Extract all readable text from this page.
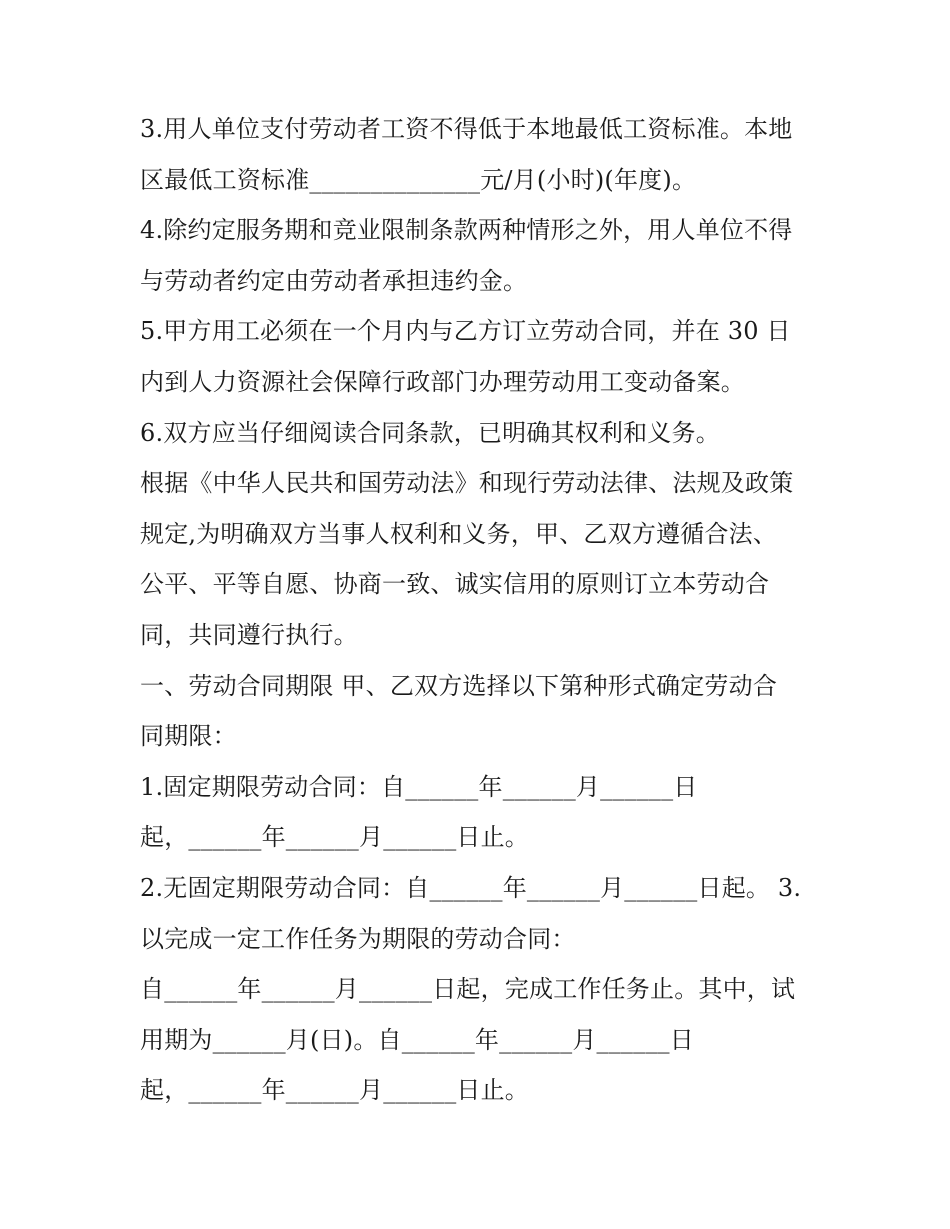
3.用人单位支付劳动者工资不得低于本地最低工资标准。本地
区最低工资标准______________元/月(小时)(年度)。
4.除约定服务期和竞业限制条款两种情形之外，用人单位不得
与劳动者约定由劳动者承担违约金。
5.甲方用工必须在一个月内与乙方订立劳动合同，并在 30 日
内到人力资源社会保障行政部门办理劳动用工变动备案。
6.双方应当仔细阅读合同条款，已明确其权利和义务。
根据《中华人民共和国劳动法》和现行劳动法律、法规及政策
规定,为明确双方当事人权利和义务，甲、乙双方遵循合法、
公平、平等自愿、协商一致、诚实信用的原则订立本劳动合
同，共同遵行执行。
一、劳动合同期限 甲、乙双方选择以下第种形式确定劳动合
同期限：
1.固定期限劳动合同：自______年______月______日
起，______年______月______日止。
2.无固定期限劳动合同：自______年______月______日起。 3.
以完成一定工作任务为期限的劳动合同：
自______年______月______日起，完成工作任务止。其中，试
用期为______月(日)。自______年______月______日
起，______年______月______日止。
